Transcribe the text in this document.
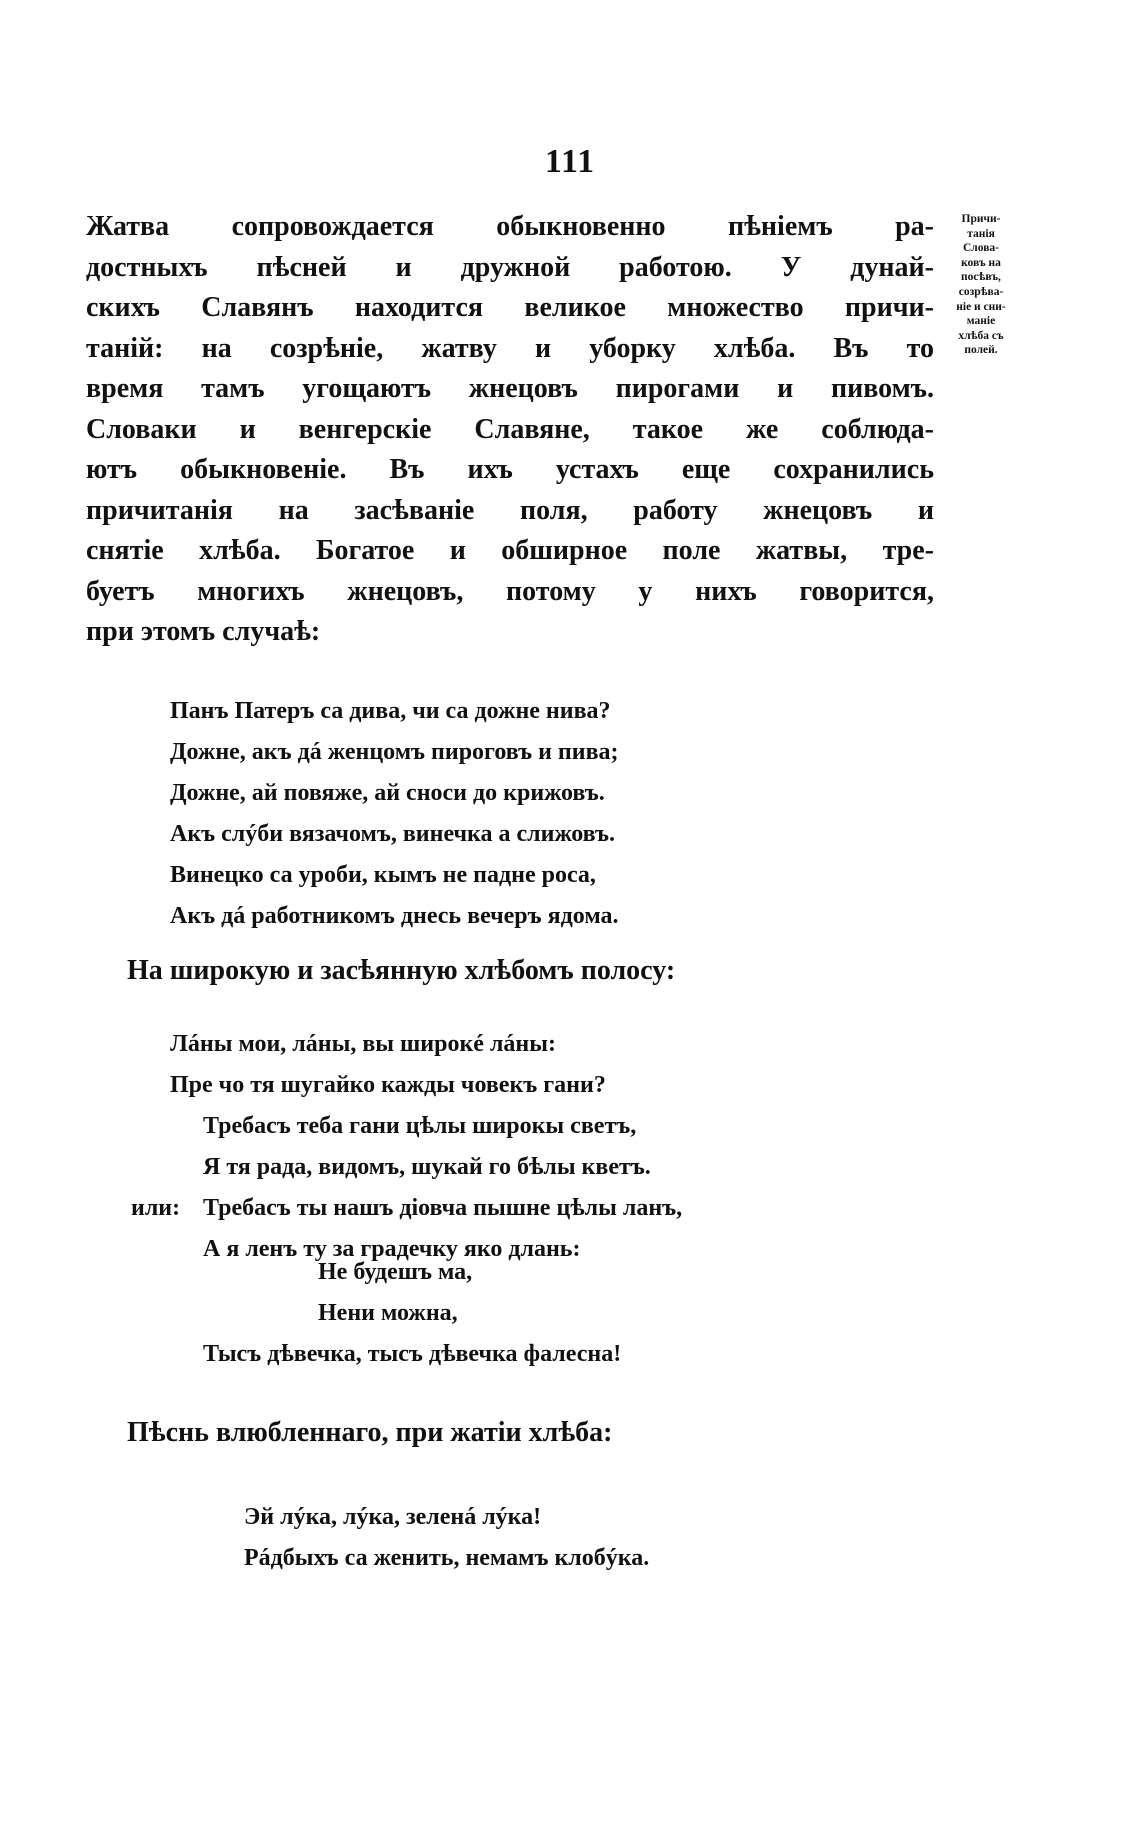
111
Жатва сопровождается обыкновенно пѣнiемъ ра-
достныхъ пѣсней и дружной работою. У дунай-
скихъ Славянъ находится великое множество причи-
танiй: на созрѣнiе, жатву и уборку хлѣба. Въ то
время тамъ угощаютъ жнецовъ пирогами и пивомъ.
Словаки и венгерскiе Славяне, такое же соблюда-
ютъ обыкновенiе. Въ ихъ устахъ еще сохранились
причитанiя на засѣванiе поля, работу жнецовъ и
снятiе хлѣба. Богатое и обширное поле жатвы, тре-
буетъ многихъ жнецовъ, потому у нихъ говорится,
при этомъ случаѣ:
Причи-
танiя
Слова-
ковъ на
посѣвъ,
созрѣва-
нiе и сни-
манiе
хлѣба съ
полей.
Панъ Патеръ са дива, чи са дожне нива?
Дожне, акъ дá женцомъ пироговъ и пива;
Дожне, ай повяже, ай сноси до крижовъ.
Акъ слýби вязачомъ, винечка а слижовъ.
Винецко са уроби, кымъ не падне роса,
Акъ дá работникомъ днесь вечеръ ядома.
На широкую и засѣянную хлѣбомъ полосу:
Лáны мои, лáны, вы широкé лáны:
Пре чо тя шугайко кажды човекъ гани?
Требасъ теба гани цѣлы широкы светъ,
Я тя рада, видомъ, шукай го бѣлы кветъ.
или: Требасъ ты нашъ дiовча пышне цѣлы ланъ,
А я ленъ ту за градечку яко длань:
Не будешъ ма,
Нени можна,
Тысъ дѣвечка, тысъ дѣвечка фалесна!
Пѣснь влюбленнаго, при жатiи хлѣба:
Эй лýка, лýка, зеленá лýка!
Рáдбыхъ са женить, немамъ клобýка.
